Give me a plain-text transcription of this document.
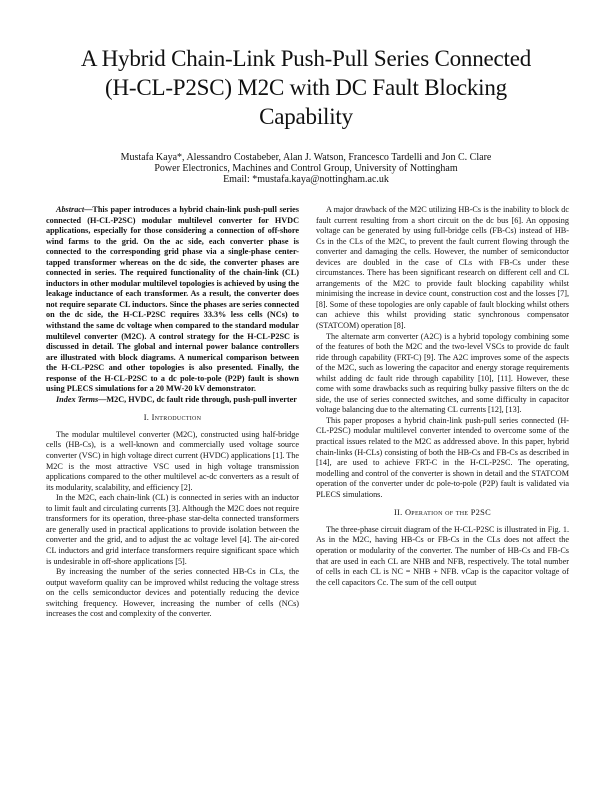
A Hybrid Chain-Link Push-Pull Series Connected
(H-CL-P2SC) M2C with DC Fault Blocking
Capability
Mustafa Kaya*, Alessandro Costabeber, Alan J. Watson, Francesco Tardelli and Jon C. Clare
Power Electronics, Machines and Control Group, University of Nottingham
Email: *mustafa.kaya@nottingham.ac.uk

Abstract—This paper introduces a hybrid chain-link push-pull series connected (H-CL-P2SC) modular multilevel converter for HVDC applications, especially for those considering a connection of off-shore wind farms to the grid. On the ac side, each converter phase is connected to the corresponding grid phase via a single-phase center-tapped transformer whereas on the dc side, the converter phases are connected in series. The required functionality of the chain-link (CL) inductors in other modular multilevel topologies is achieved by using the leakage inductance of each transformer. As a result, the converter does not require separate CL inductors. Since the phases are series connected on the dc side, the H-CL-P2SC requires 33.3% less cells (NCs) to withstand the same dc voltage when compared to the standard modular multilevel converter (M2C). A control strategy for the H-CL-P2SC is discussed in detail. The global and internal power balance controllers are illustrated with block diagrams. A numerical comparison between the H-CL-P2SC and other topologies is also presented. Finally, the response of the H-CL-P2SC to a dc pole-to-pole (P2P) fault is shown using PLECS simulations for a 20 MW-20 kV demonstrator.

Index Terms—M2C, HVDC, dc fault ride through, push-pull inverter

I. Introduction

The modular multilevel converter (M2C), constructed using half-bridge cells (HB-Cs), is a well-known and commercially used voltage source converter (VSC) in high voltage direct current (HVDC) applications [1]. The M2C is the most attractive VSC used in high voltage transmission applications compared to the other multilevel ac-dc converters as a result of its modularity, scalability, and efficiency [2].

In the M2C, each chain-link (CL) is connected in series with an inductor to limit fault and circulating currents [3]. Although the M2C does not require transformers for its operation, three-phase star-delta connected transformers are generally used in practical applications to provide isolation between the converter and the grid, and to adjust the ac voltage level [4]. The air-cored CL inductors and grid interface transformers require significant space which is undesirable in off-shore applications [5].

By increasing the number of the series connected HB-Cs in CLs, the output waveform quality can be improved whilst reducing the voltage stress on the cells semiconductor devices and potentially reducing the device switching frequency. However, increasing the number of cells (NCs) increases the cost and complexity of the converter.

A major drawback of the M2C utilizing HB-Cs is the inability to block dc fault current resulting from a short circuit on the dc bus [6]. An opposing voltage can be generated by using full-bridge cells (FB-Cs) instead of HB-Cs in the CLs of the M2C, to prevent the fault current flowing through the converter and damaging the cells. However, the number of semiconductor devices are doubled in the case of CLs with FB-Cs under these circumstances. There has been significant research on different cell and CL arrangements of the M2C to provide fault blocking capability whilst minimising the increase in device count, construction cost and the losses [7], [8]. Some of these topologies are only capable of fault blocking whilst others can achieve this whilst providing static synchronous compensator (STATCOM) operation [8].

The alternate arm converter (A2C) is a hybrid topology combining some of the features of both the M2C and the two-level VSCs to provide dc fault ride through capability (FRT-C) [9]. The A2C improves some of the aspects of the M2C, such as lowering the capacitor and energy storage requirements whilst adding dc fault ride through capability [10], [11]. However, these come with some drawbacks such as requiring bulky passive filters on the dc side, the use of series connected switches, and some difficulty in capacitor voltage balancing due to the alternating CL currents [12], [13].

This paper proposes a hybrid chain-link push-pull series connected (H-CL-P2SC) modular multilevel converter intended to overcome some of the practical issues related to the M2C as addressed above. In this paper, hybrid chain-links (H-CLs) consisting of both the HB-Cs and FB-Cs as described in [14], are used to achieve FRT-C in the H-CL-P2SC. The operating, modelling and control of the converter is shown in detail and the STATCOM operation of the converter under dc pole-to-pole (P2P) fault is validated via PLECS simulations.

II. Operation of the P2SC

The three-phase circuit diagram of the H-CL-P2SC is illustrated in Fig. 1. As in the M2C, having HB-Cs or FB-Cs in the CLs does not affect the operation or modularity of the converter. The number of HB-Cs and FB-Cs that are used in each CL are NHB and NFB, respectively. The total number of cells in each CL is NC = NHB + NFB. vCap is the capacitor voltage of the cell capacitors Cc. The sum of the cell output
